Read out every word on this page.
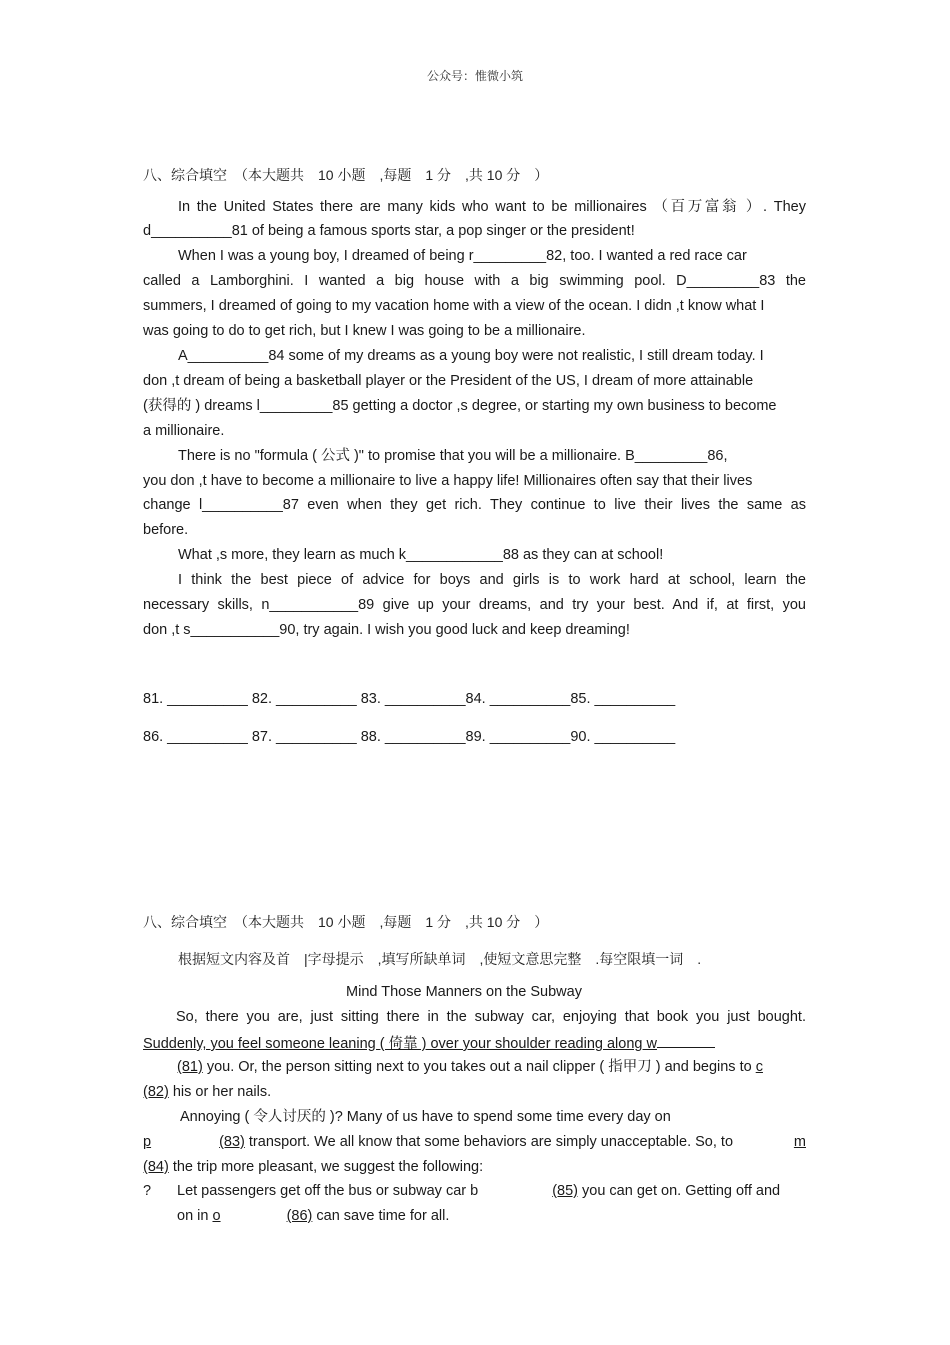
公众号：惟微小筑
八、综合填空　（本大题共　10 小题　,每题　1 分　,共 10 分　）
In the United States there are many kids who want to be millionaires （百万富翁 ）. They
d__________81 of being a famous sports star, a pop singer or the president!
When I was a young boy, I dreamed of being r_________82, too. I wanted a red race car
called a Lamborghini. I wanted a big house with a big swimming pool. D_________83 the
summers, I dreamed of going to my vacation home with a view of the ocean. I didn ,t know what I
was going to do to get rich, but I knew I was going to be a millionaire.
A__________84 some of my dreams as a young boy were not realistic, I still dream today. I
don ,t dream of being a basketball player or the President of the US, I dream of more attainable
(获得的 ) dreams l_________85 getting a doctor ,s degree, or starting my own business to become
a millionaire.
There is no "formula ( 公式 )" to promise that you will be a millionaire. B_________86,
you don ,t have to become a millionaire to live a happy life! Millionaires often say that their lives
change l__________87 even when they get rich. They continue to live their lives the same as
before.
What ,s more, they learn as much k____________88 as they can at school!
I think the best piece of advice for boys and girls is to work hard at school, learn the
necessary skills, n___________89 give up your dreams, and try your best. And if, at first, you
don ,t s___________90, try again. I wish you good luck and keep dreaming!
81. __________ 82. __________ 83. __________84. __________85. __________
86. __________ 87. __________ 88. __________89. __________90. __________
八、综合填空　（本大题共　10 小题　,每题　1 分　,共 10 分　）
根据短文内容及首　|字母提示　,填写所缺单词　,使短文意思完整　.每空限填一词　.
Mind Those Manners on the Subway
So, there you are, just sitting there in the subway car, enjoying that book you just bought.
Suddenly, you feel someone leaning ( 倚靠 ) over your shoulder reading along w
(81) you. Or, the person sitting next to you takes out a nail clipper ( 指甲刀 ) and begins to c
(82) his or her nails.
Annoying ( 令人讨厌的 )? Many of us have to spend some time every day on
p	(83) transport. We all know that some behaviors are simply unacceptable. So, to	m
(84) the trip more pleasant, we suggest the following:
? Let passengers get off the bus or subway car b	(85) you can get on. Getting off and
on in o	(86) can save time for all.
